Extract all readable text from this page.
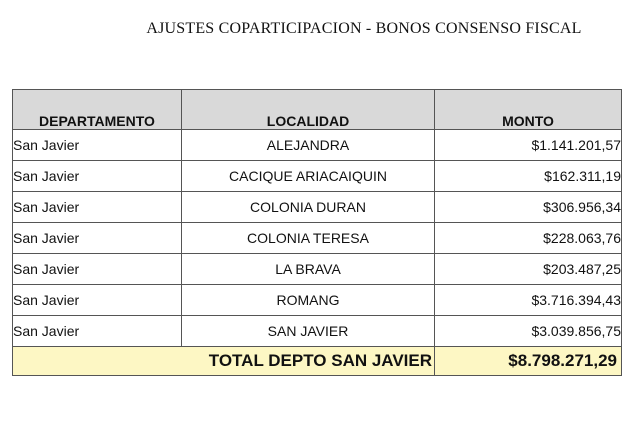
AJUSTES COPARTICIPACION - BONOS CONSENSO FISCAL
DEPARTAMENTO	LOCALIDAD	MONTO
San Javier	ALEJANDRA	$1.141.201,57
San Javier	CACIQUE ARIACAIQUIN	$162.311,19
San Javier	COLONIA DURAN	$306.956,34
San Javier	COLONIA TERESA	$228.063,76
San Javier	LA BRAVA	$203.487,25
San Javier	ROMANG	$3.716.394,43
San Javier	SAN JAVIER	$3.039.856,75
TOTAL DEPTO SAN JAVIER		$8.798.271,29
